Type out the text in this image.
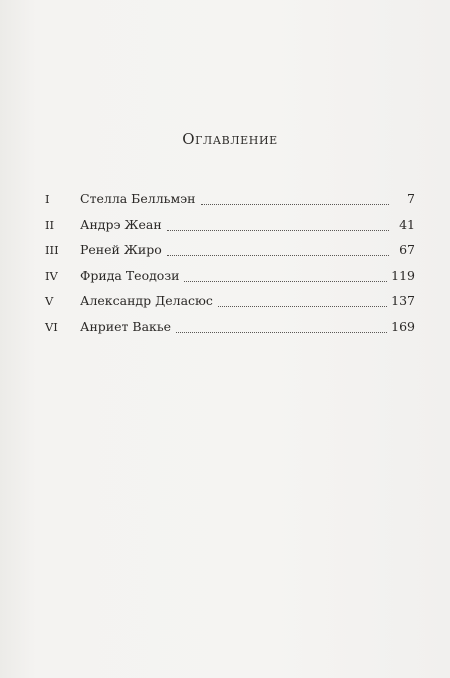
Оглавление
I	Стелла Белльмэн	7
II	Андрэ Жеан	41
III	Реней Жиро	67
IV	Фрида Теодози	119
V	Александр Деласюс	137
VI	Анриет Вакье	169
